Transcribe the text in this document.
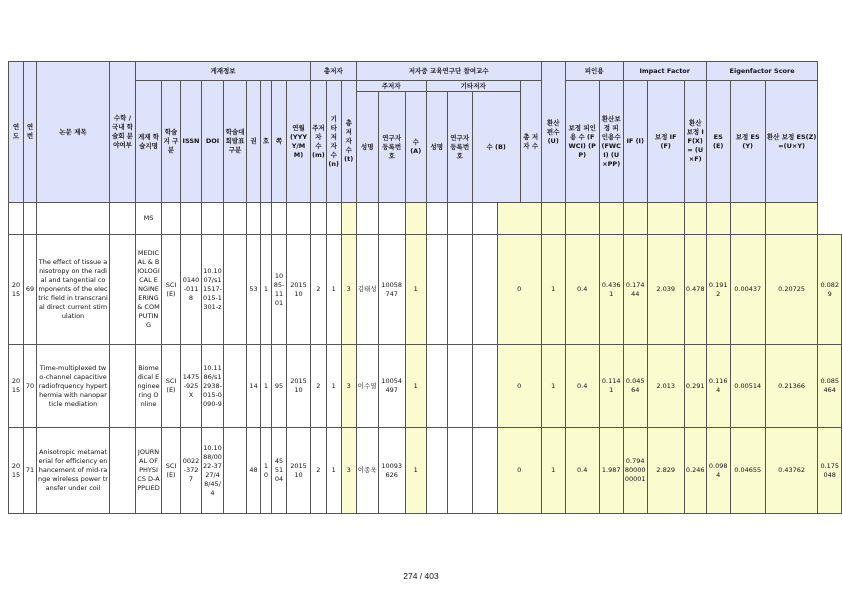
연도	연번	논문 제목	수학 /국내 학술회 분야여부	게재정보									총저자			저자중 교육연구단 참여교수								환산 편수 (U)	피인용		Impact Factor			Eigenfactor Score			
				게재 학술지명	학술지 구분	ISSN	DOI	학술대 회발표 구분	권	호	쪽	연월 (YYYY/MM)	주저자 수 (m)	기타 저자 수 (n)	총 저자 수 (t)	주저자			기타저자				총 저자 수		보정 피인용 수 (FWCI) (PP)	환산보정 피인용수 (FWCI) (U×PP)	IF (I)	보정 IF (F)	환산 보정 IF(X) = (U×F)	ES (E)	보정 ES (Y)	환산 보정 ES(Z) =(U×Y)	
																성명	연구자 등록번호	수 (A)	성명	연구자 등록번호	수 (B)												
				MS																													
2015	69	The effect of tissue anisotropy on the radial and tangential components of the electric field in transcranial direct current stimulation		MEDICAL & BIOLOGICAL ENGINEERING & COMPUTING	SCI(E)	0140-0118	10.1007/s11517-015-1301-z		53	1	1085-1101	2015 10	2	1	3	김태성	10058747	1				0		1	0.4	0.4361	0.17444	2.039	0.478	0.1912	0.00437	0.20725	0.0829
2015	70	Time-multiplexed two-channel capacitive radiofrquency hyperthermia with nanoparticle mediation		Biomedical Engineering Online	SCI(E)	1475-925X	10.1186/s12938-015-0090-9		14	1	95	2015 10	2	1	3	이수열	10054497	1				0		1	0.4	0.1141	0.04564	2.013	0.291	0.1164	0.00514	0.21366	0.085464
2015	71	Anisotropic metamaterial for efficiency enhancement of mid-range wireless power transfer under coil		JOURNAL OF PHYSICS D-APPLIED	SCI(E)	0022-3727	10.1088/0022-3727/48/45/4		48	10	455104	2015 10	2	1	3	이종욱	10093626	1				0		1	0.4	1.987	0.7948000000001	2.829	0.246	0.0984	0.04655	0.43762	0.175048
274 / 403
